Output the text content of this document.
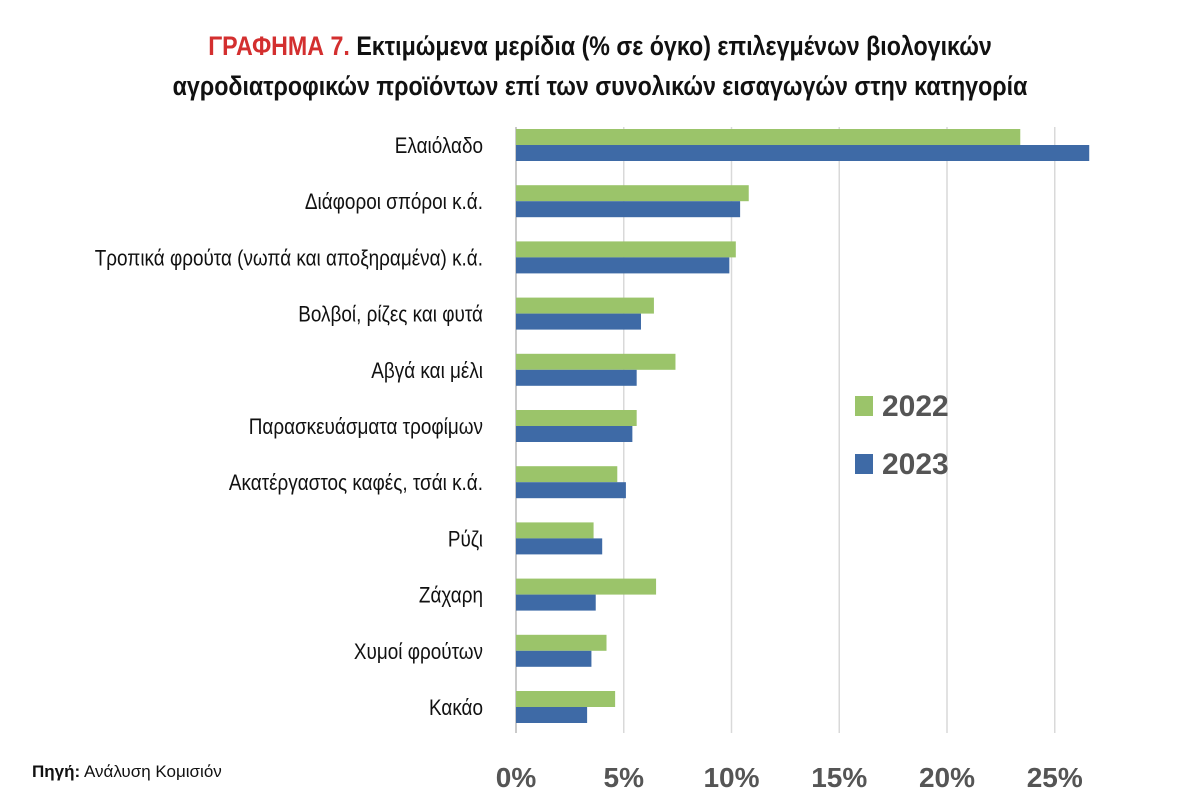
ΓΡΑΦΗΜΑ 7. Εκτιμώμενα μερίδια (% σε όγκο) επιλεγμένων βιολογικών
αγροδιατροφικών προϊόντων επί των συνολικών εισαγωγών στην κατηγορία
Ελαιόλαδο
Διάφοροι σπόροι κ.ά.
Τροπικά φρούτα (νωπά και αποξηραμένα) κ.ά.
Βολβοί, ρίζες και φυτά
Αβγά και μέλι
Παρασκευάσματα τροφίμων
Ακατέργαστος καφές, τσάι κ.ά.
Ρύζι
Ζάχαρη
Χυμοί φρούτων
Κακάο
0% 5% 10% 15% 20% 25%
2022
2023
Πηγή: Ανάλυση Κομισιόν
